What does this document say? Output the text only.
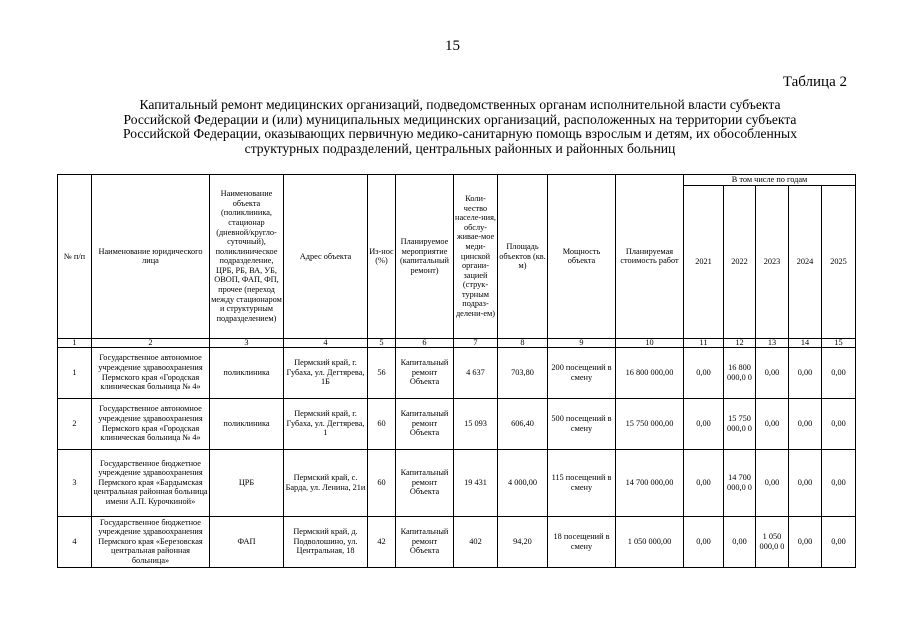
15
Таблица 2
Капитальный ремонт медицинских организаций, подведомственных органам исполнительной власти субъекта
Российской Федерации и (или) муниципальных медицинских организаций, расположенных на территории субъекта
Российской Федерации, оказывающих первичную медико-санитарную помощь взрослым и детям, их обособленных
структурных подразделений, центральных районных и районных больниц
№ п/п	Наименование юридического лица	Наименование объекта (поликлиника, стационар (дневной/кругло-суточный), поликлиническое подразделение, ЦРБ, РБ, ВА, УБ, ОВОП, ФАП, ФП, прочее (переход между стационаром и структурным подразделением)	Адрес объекта	Из-нос (%)	Планируемое мероприятие (капитальный ремонт)	Коли-чество населе-ния, обслу-живае-мое меди-цинской органи-зацией (струк-турным подраз-делени-ем)	Площадь объектов (кв. м)	Мощность объекта	Планируемая стоимость работ	В том числе по годам				
										2021	2022	2023	2024	2025
1	2	3	4	5	6	7	8	9	10	11	12	13	14	15
1	Государственное автономное учреждение здравоохранения Пермского края «Городская клиническая больница № 4»	поликлиника	Пермский край, г. Губаха, ул. Дегтярева, 1Б	56	Капитальный ремонт Объекта	4 637	703,80	200 посещений в смену	16 800 000,00	0,00	16 800 000,0 0	0,00	0,00	0,00
2	Государственное автономное учреждение здравоохранения Пермского края «Городская клиническая больница № 4»	поликлиника	Пермский край, г. Губаха, ул. Дегтярева, 1	60	Капитальный ремонт Объекта	15 093	606,40	500 посещений в смену	15 750 000,00	0,00	15 750 000,0 0	0,00	0,00	0,00
3	Государственное бюджетное учреждение здравоохранения Пермского края «Бардымская центральная районная больница имени А.П. Курочкиной»	ЦРБ	Пермский край, с. Барда, ул. Ленина, 21и	60	Капитальный ремонт Объекта	19 431	4 000,00	115 посещений в смену	14 700 000,00	0,00	14 700 000,0 0	0,00	0,00	0,00
4	Государственное бюджетное учреждение здравоохранения Пермского края «Березовская центральная районная больница»	ФАП	Пермский край, д. Подволошино, ул. Центральная, 18	42	Капитальный ремонт Объекта	402	94,20	18 посещений в смену	1 050 000,00	0,00	0,00	1 050 000,0 0	0,00	0,00
